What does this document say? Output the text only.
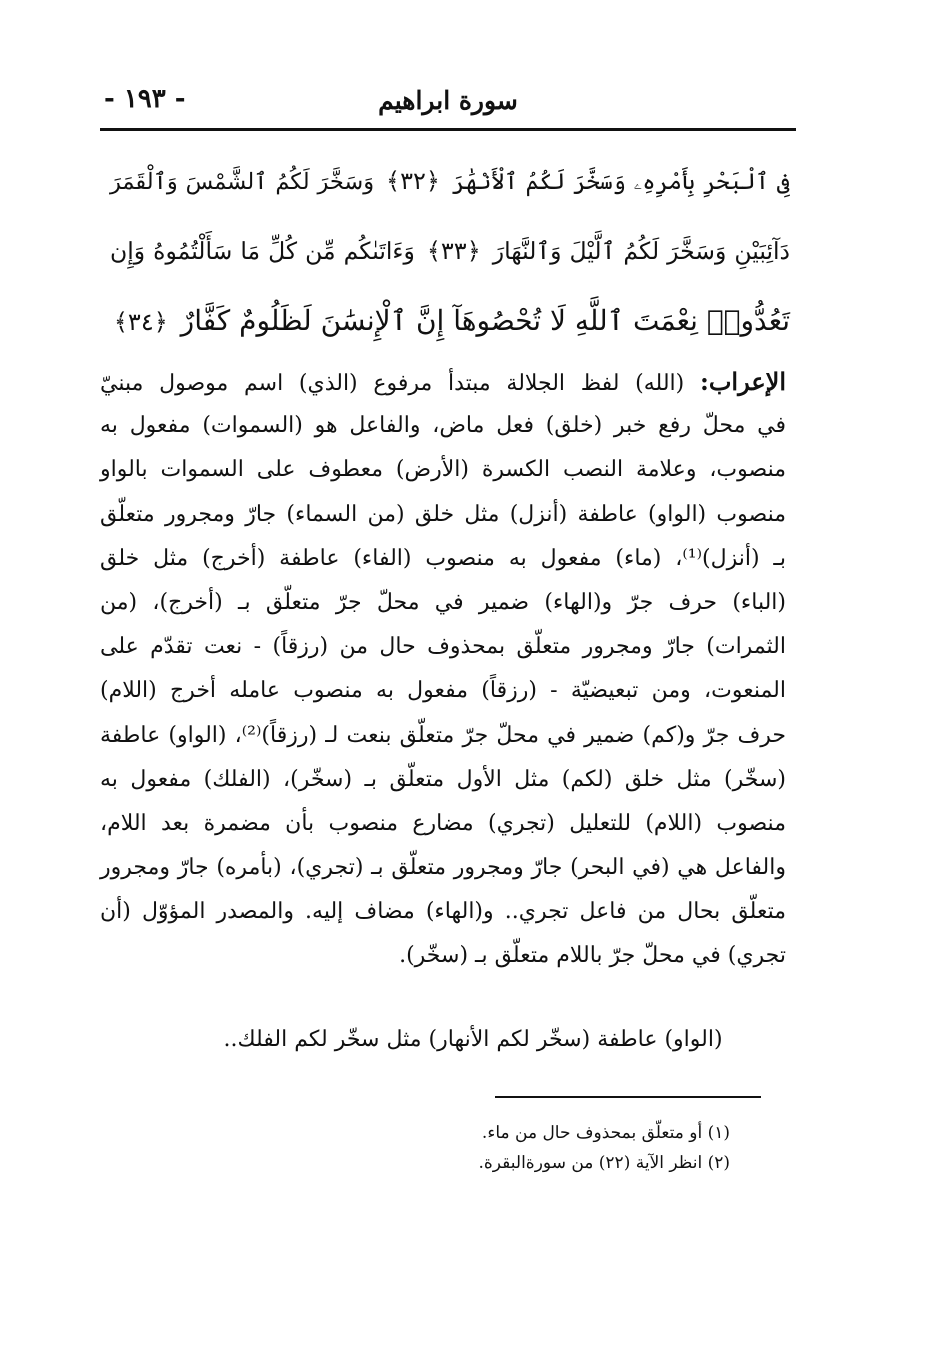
سورة ابراهيم
- ١٩٣ -
فِى ٱلْبَحْرِ بِأَمْرِهِۦ وَسَخَّرَ لَكُمُ ٱلْأَنْهَٰرَ ﴿٣٢﴾ وَسَخَّرَ لَكُمُ ٱلشَّمْسَ وَٱلْقَمَرَ
دَآئِبَيْنِ وَسَخَّرَ لَكُمُ ٱلَّيْلَ وَٱلنَّهَارَ ﴿٣٣﴾ وَءَاتَىٰكُم مِّن كُلِّ مَا سَأَلْتُمُوهُ وَإِن
تَعُدُّوا۟ نِعْمَتَ ٱللَّهِ لَا تُحْصُوهَآ إِنَّ ٱلْإِنسَٰنَ لَظَلُومٌ كَفَّارٌ ﴿٣٤﴾
الإعراب: (الله) لفظ الجلالة مبتدأ مرفوع (الذي) اسم موصول مبنيّ
في محلّ رفع خبر (خلق) فعل ماض، والفاعل هو (السموات) مفعول به
منصوب، وعلامة النصب الكسرة (الأرض) معطوف على السموات بالواو
منصوب (الواو) عاطفة (أنزل) مثل خلق (من السماء) جارّ ومجرور متعلّق
بـ (أنزل)⁽¹⁾، (ماء) مفعول به منصوب (الفاء) عاطفة (أخرج) مثل خلق
(الباء) حرف جرّ و(الهاء) ضمير في محلّ جرّ متعلّق بـ (أخرج)، (من
الثمرات) جارّ ومجرور متعلّق بمحذوف حال من (رزقاً) - نعت تقدّم على
المنعوت، ومن تبعيضيّة - (رزقاً) مفعول به منصوب عامله أخرج (اللام)
حرف جرّ و(كم) ضمير في محلّ جرّ متعلّق بنعت لـ (رزقاً)⁽²⁾، (الواو) عاطفة
(سخّر) مثل خلق (لكم) مثل الأول متعلّق بـ (سخّر)، (الفلك) مفعول به
منصوب (اللام) للتعليل (تجري) مضارع منصوب بأن مضمرة بعد اللام،
والفاعل هي (في البحر) جارّ ومجرور متعلّق بـ (تجري)، (بأمره) جارّ ومجرور
متعلّق بحال من فاعل تجري.. و(الهاء) مضاف إليه. والمصدر المؤوّل (أن
تجري) في محلّ جرّ باللام متعلّق بـ (سخّر).
(الواو) عاطفة (سخّر لكم الأنهار) مثل سخّر لكم الفلك..
(١) أو متعلّق بمحذوف حال من ماء.
(٢) انظر الآية (٢٢) من سورةالبقرة.
